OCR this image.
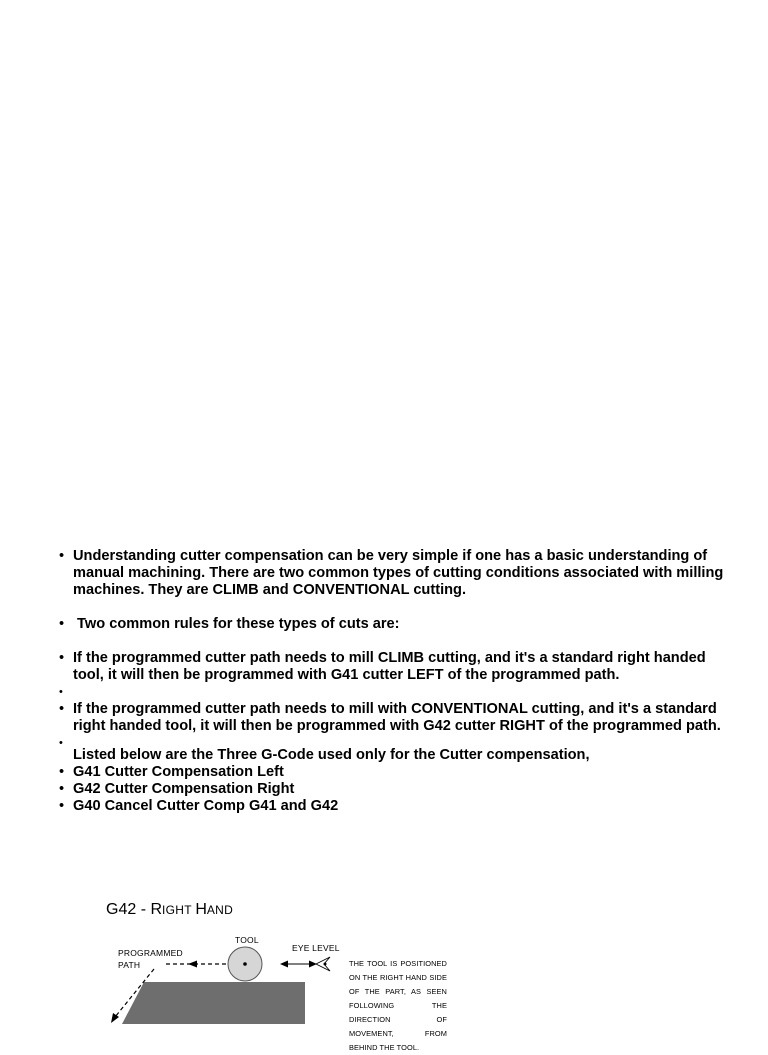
• Understanding cutter compensation can be very simple if one has a basic understanding of manual machining. There are two common types of cutting conditions associated with milling machines. They are CLIMB and CONVENTIONAL cutting.
•  Two common rules for these types of cuts are:
• If the programmed cutter path needs to mill CLIMB cutting, and it's a standard right handed tool, it will then be programmed with G41 cutter LEFT of the programmed path.
•
• If the programmed cutter path needs to mill with CONVENTIONAL cutting, and it's a standard right handed tool, it will then be programmed with G42 cutter RIGHT of the programmed path.
•
Listed below are the Three G-Code used only for the Cutter compensation,
• G41 Cutter Compensation Left
• G42 Cutter Compensation Right
• G40 Cancel Cutter Comp G41 and G42
G42 - RIGHT HAND
PROGRAMMED
PATH
TOOL
EYE LEVEL
THE TOOL IS POSITIONED ON THE RIGHT HAND SIDE OF THE PART, AS SEEN FOLLOWING THE DIRECTION OF MOVEMENT, FROM BEHIND THE TOOL.
